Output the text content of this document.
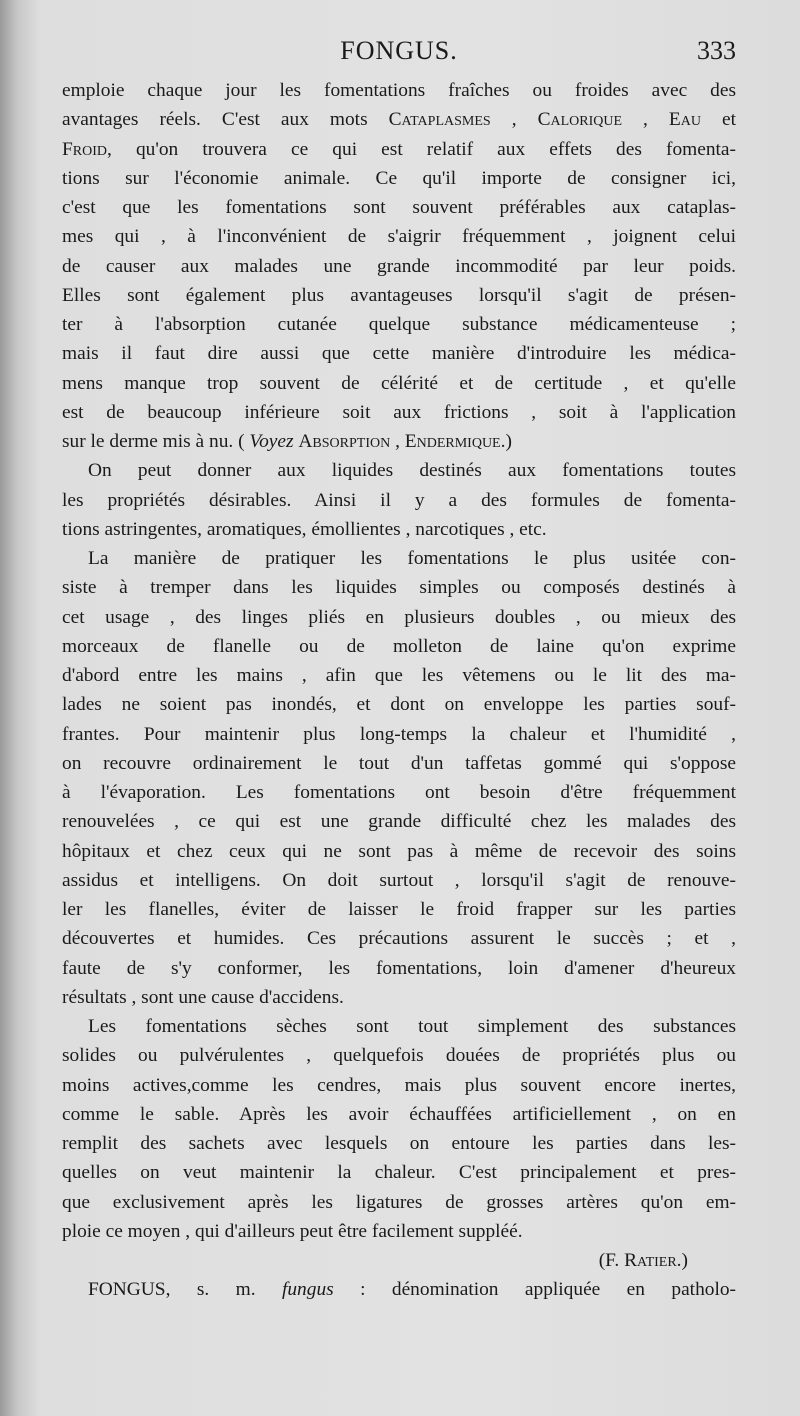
FONGUS.	333
emploie chaque jour les fomentations fraîches ou froides avec des
avantages réels. C'est aux mots Cataplasmes , Calorique , Eau et
Froid, qu'on trouvera ce qui est relatif aux effets des fomenta-
tions sur l'économie animale. Ce qu'il importe de consigner ici,
c'est que les fomentations sont souvent préférables aux cataplas-
mes qui , à l'inconvénient de s'aigrir fréquemment , joignent celui
de causer aux malades une grande incommodité par leur poids.
Elles sont également plus avantageuses lorsqu'il s'agit de présen-
ter à l'absorption cutanée quelque substance médicamenteuse ;
mais il faut dire aussi que cette manière d'introduire les médica-
mens manque trop souvent de célérité et de certitude , et qu'elle
est de beaucoup inférieure soit aux frictions , soit à l'application
sur le derme mis à nu. ( Voyez Absorption , Endermique.)
On peut donner aux liquides destinés aux fomentations toutes
les propriétés désirables. Ainsi il y a des formules de fomenta-
tions astringentes, aromatiques, émollientes , narcotiques , etc.
La manière de pratiquer les fomentations le plus usitée con-
siste à tremper dans les liquides simples ou composés destinés à
cet usage , des linges pliés en plusieurs doubles , ou mieux des
morceaux de flanelle ou de molleton de laine qu'on exprime
d'abord entre les mains , afin que les vêtemens ou le lit des ma-
lades ne soient pas inondés, et dont on enveloppe les parties souf-
frantes. Pour maintenir plus long-temps la chaleur et l'humidité ,
on recouvre ordinairement le tout d'un taffetas gommé qui s'oppose
à l'évaporation. Les fomentations ont besoin d'être fréquemment
renouvelées , ce qui est une grande difficulté chez les malades des
hôpitaux et chez ceux qui ne sont pas à même de recevoir des soins
assidus et intelligens. On doit surtout , lorsqu'il s'agit de renouve-
ler les flanelles, éviter de laisser le froid frapper sur les parties
découvertes et humides. Ces précautions assurent le succès ; et ,
faute de s'y conformer, les fomentations, loin d'amener d'heureux
résultats , sont une cause d'accidens.
Les fomentations sèches sont tout simplement des substances
solides ou pulvérulentes , quelquefois douées de propriétés plus ou
moins actives,comme les cendres, mais plus souvent encore inertes,
comme le sable. Après les avoir échauffées artificiellement , on en
remplit des sachets avec lesquels on entoure les parties dans les-
quelles on veut maintenir la chaleur. C'est principalement et pres-
que exclusivement après les ligatures de grosses artères qu'on em-
ploie ce moyen , qui d'ailleurs peut être facilement suppléé.
(F. Ratier.)
FONGUS, s. m. fungus : dénomination appliquée en patholo-
